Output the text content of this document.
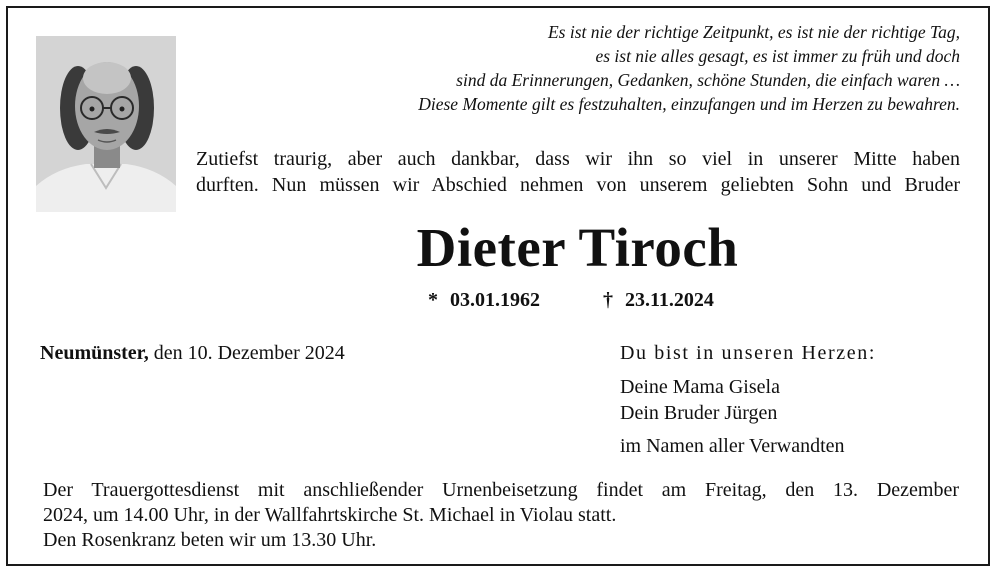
Es ist nie der richtige Zeitpunkt, es ist nie der richtige Tag,
es ist nie alles gesagt, es ist immer zu früh und doch
sind da Erinnerungen, Gedanken, schöne Stunden, die einfach waren …
Diese Momente gilt es festzuhalten, einzufangen und im Herzen zu bewahren.
Zutiefst traurig, aber auch dankbar, dass wir ihn so viel in unserer Mitte haben
durften. Nun müssen wir Abschied nehmen von unserem geliebten Sohn und Bruder
Dieter Tiroch
* 03.01.1962	† 23.11.2024
Neumünster, den 10. Dezember 2024	Du bist in unseren Herzen:
Deine Mama Gisela
Dein Bruder Jürgen
im Namen aller Verwandten
Der Trauergottesdienst mit anschließender Urnenbeisetzung findet am Freitag, den 13. Dezember
2024, um 14.00 Uhr, in der Wallfahrtskirche St. Michael in Violau statt.
Den Rosenkranz beten wir um 13.30 Uhr.
